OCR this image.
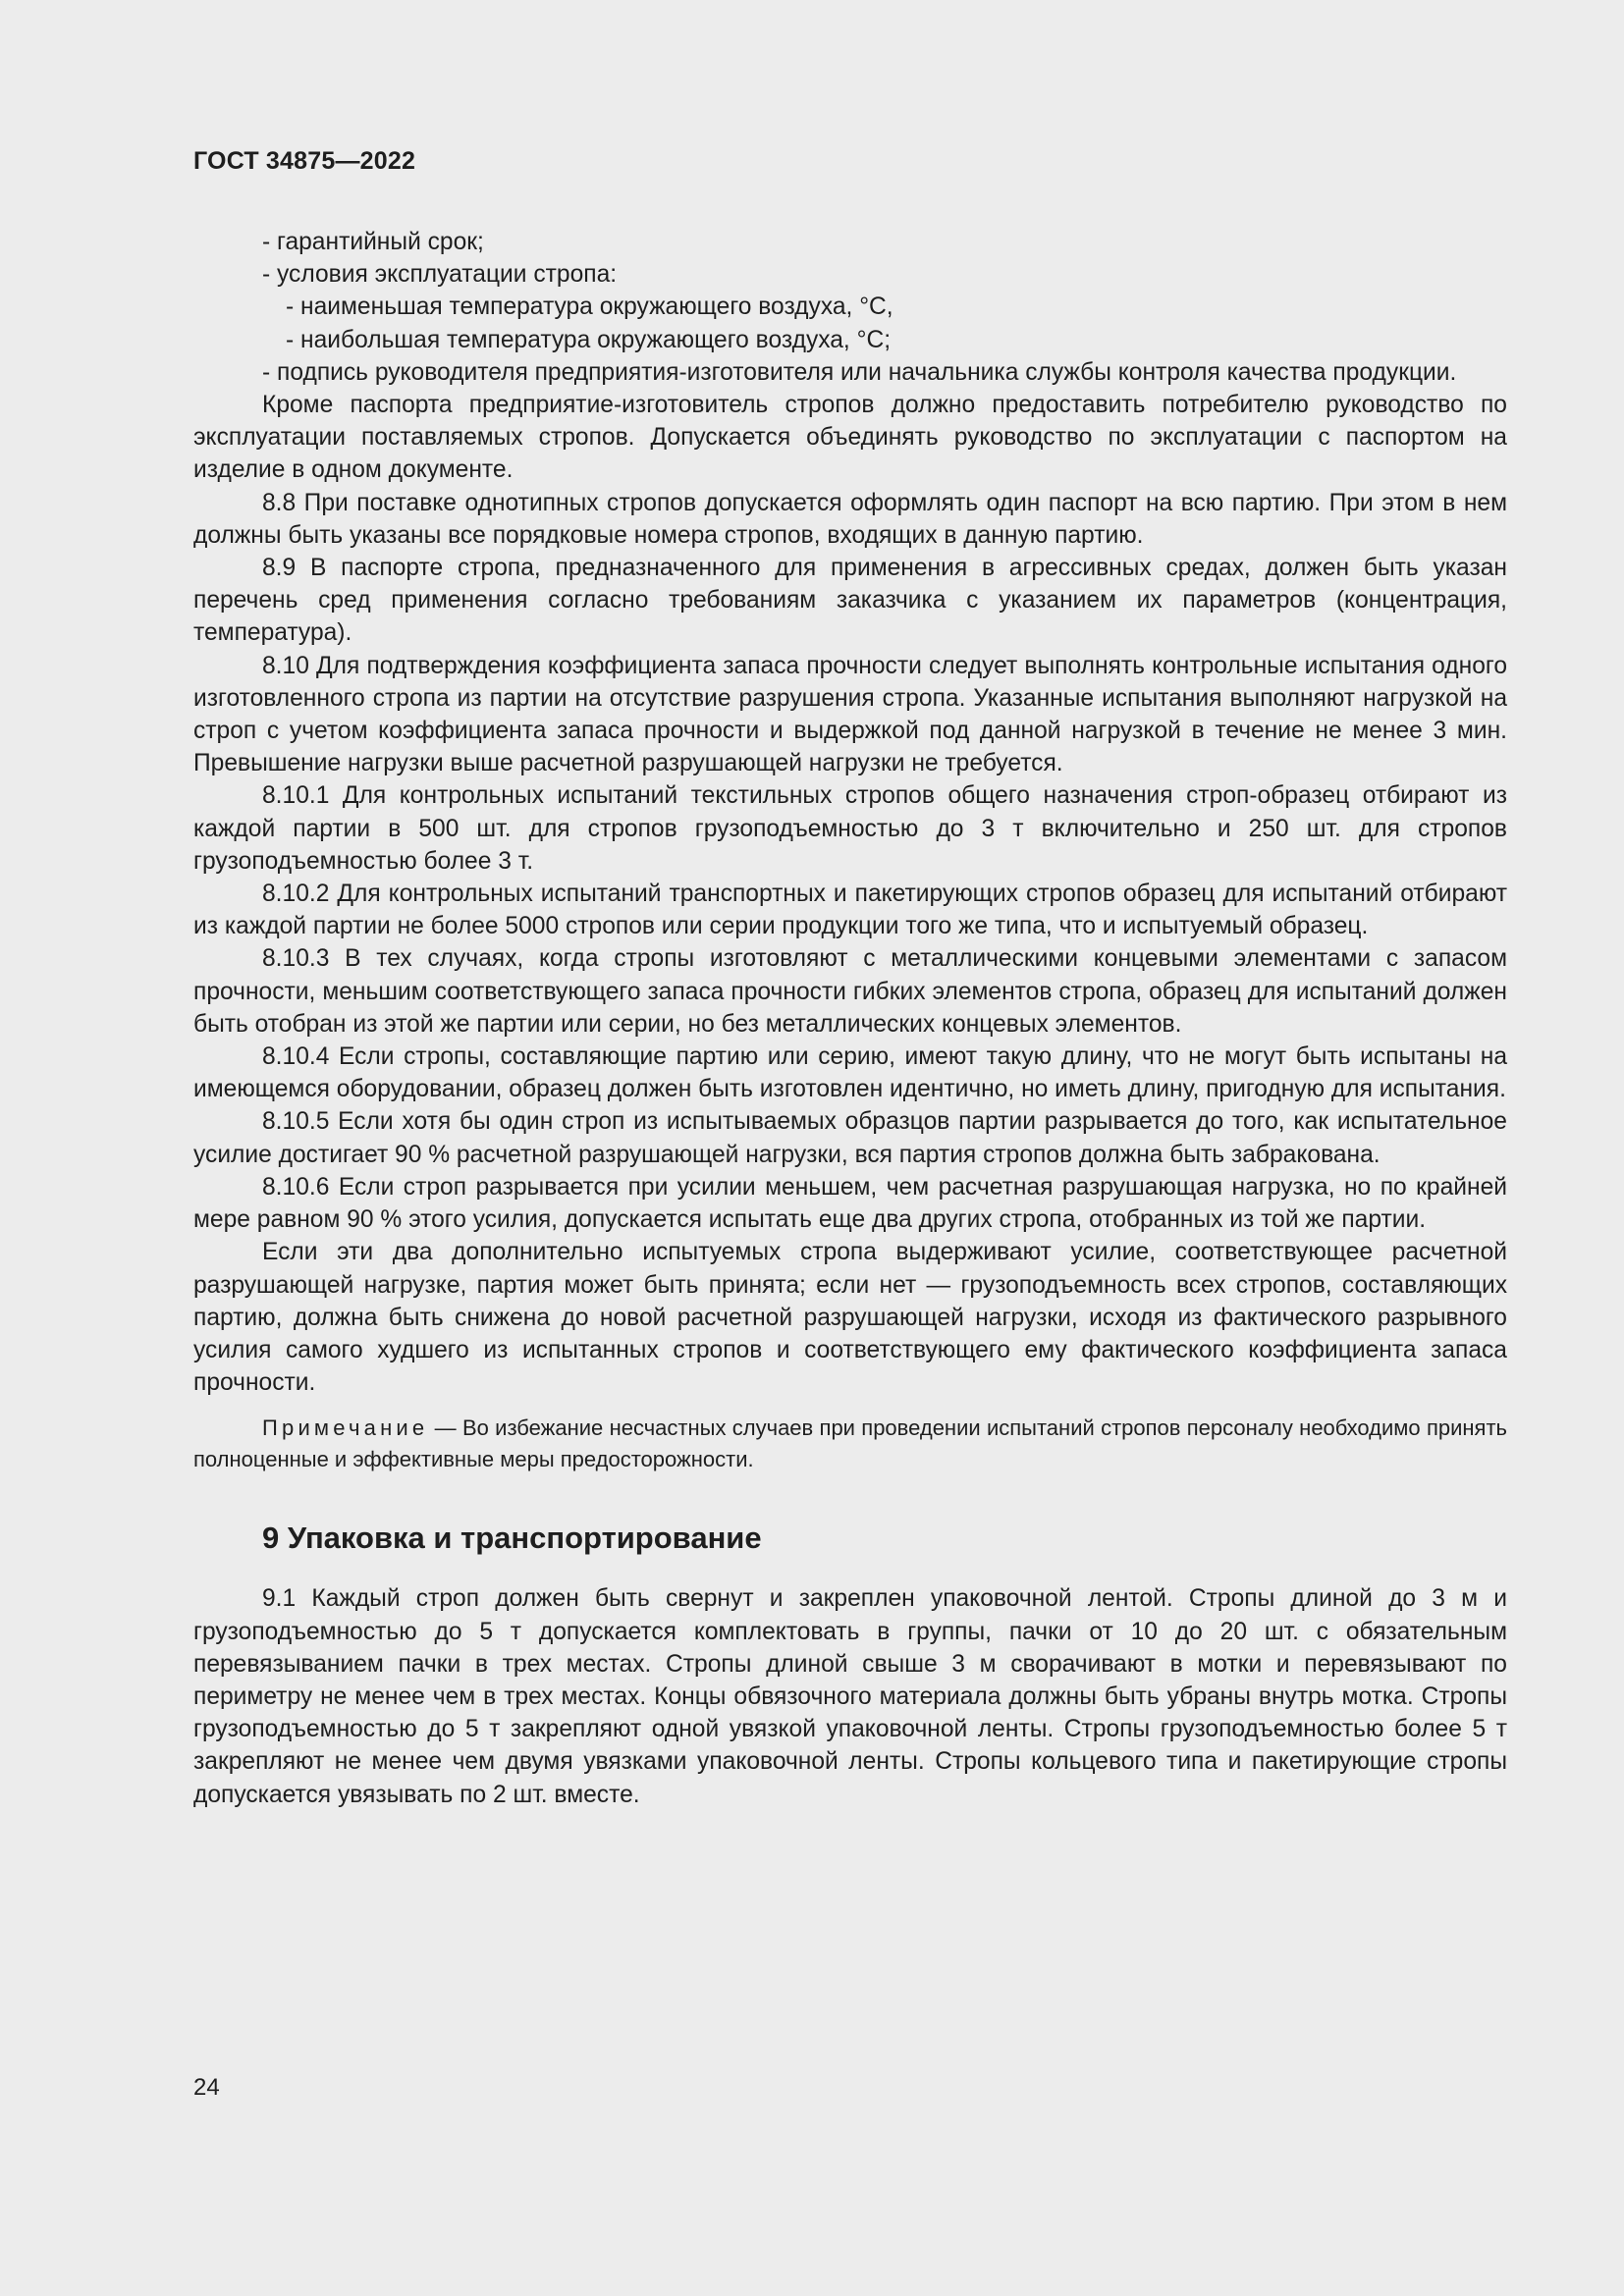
ГОСТ 34875—2022

- гарантийный срок;

- условия эксплуатации стропа:

- наименьшая температура окружающего воздуха, °С,

- наибольшая температура окружающего воздуха, °С;

- подпись руководителя предприятия-изготовителя или начальника службы контроля качества продукции.

Кроме паспорта предприятие-изготовитель стропов должно предоставить потребителю руководство по эксплуатации поставляемых стропов. Допускается объединять руководство по эксплуатации с паспортом на изделие в одном документе.

8.8 При поставке однотипных стропов допускается оформлять один паспорт на всю партию. При этом в нем должны быть указаны все порядковые номера стропов, входящих в данную партию.

8.9 В паспорте стропа, предназначенного для применения в агрессивных средах, должен быть указан перечень сред применения согласно требованиям заказчика с указанием их параметров (концентрация, температура).

8.10 Для подтверждения коэффициента запаса прочности следует выполнять контрольные испытания одного изготовленного стропа из партии на отсутствие разрушения стропа. Указанные испытания выполняют нагрузкой на строп с учетом коэффициента запаса прочности и выдержкой под данной нагрузкой в течение не менее 3 мин. Превышение нагрузки выше расчетной разрушающей нагрузки не требуется.

8.10.1 Для контрольных испытаний текстильных стропов общего назначения строп-образец отбирают из каждой партии в 500 шт. для стропов грузоподъемностью до 3 т включительно и 250 шт. для стропов грузоподъемностью более 3 т.

8.10.2 Для контрольных испытаний транспортных и пакетирующих стропов образец для испытаний отбирают из каждой партии не более 5000 стропов или серии продукции того же типа, что и испытуемый образец.

8.10.3 В тех случаях, когда стропы изготовляют с металлическими концевыми элементами с запасом прочности, меньшим соответствующего запаса прочности гибких элементов стропа, образец для испытаний должен быть отобран из этой же партии или серии, но без металлических концевых элементов.

8.10.4 Если стропы, составляющие партию или серию, имеют такую длину, что не могут быть испытаны на имеющемся оборудовании, образец должен быть изготовлен идентично, но иметь длину, пригодную для испытания.

8.10.5 Если хотя бы один строп из испытываемых образцов партии разрывается до того, как испытательное усилие достигает 90 % расчетной разрушающей нагрузки, вся партия стропов должна быть забракована.

8.10.6 Если строп разрывается при усилии меньшем, чем расчетная разрушающая нагрузка, но по крайней мере равном 90 % этого усилия, допускается испытать еще два других стропа, отобранных из той же партии.

Если эти два дополнительно испытуемых стропа выдерживают усилие, соответствующее расчетной разрушающей нагрузке, партия может быть принята; если нет — грузоподъемность всех стропов, составляющих партию, должна быть снижена до новой расчетной разрушающей нагрузки, исходя из фактического разрывного усилия самого худшего из испытанных стропов и соответствующего ему фактического коэффициента запаса прочности.

Примечание — Во избежание несчастных случаев при проведении испытаний стропов персоналу необходимо принять полноценные и эффективные меры предосторожности.

9 Упаковка и транспортирование

9.1 Каждый строп должен быть свернут и закреплен упаковочной лентой. Стропы длиной до 3 м и грузоподъемностью до 5 т допускается комплектовать в группы, пачки от 10 до 20 шт. с обязательным перевязыванием пачки в трех местах. Стропы длиной свыше 3 м сворачивают в мотки и перевязывают по периметру не менее чем в трех местах. Концы обвязочного материала должны быть убраны внутрь мотка. Стропы грузоподъемностью до 5 т закрепляют одной увязкой упаковочной ленты. Стропы грузоподъемностью более 5 т закрепляют не менее чем двумя увязками упаковочной ленты. Стропы кольцевого типа и пакетирующие стропы допускается увязывать по 2 шт. вместе.

24
